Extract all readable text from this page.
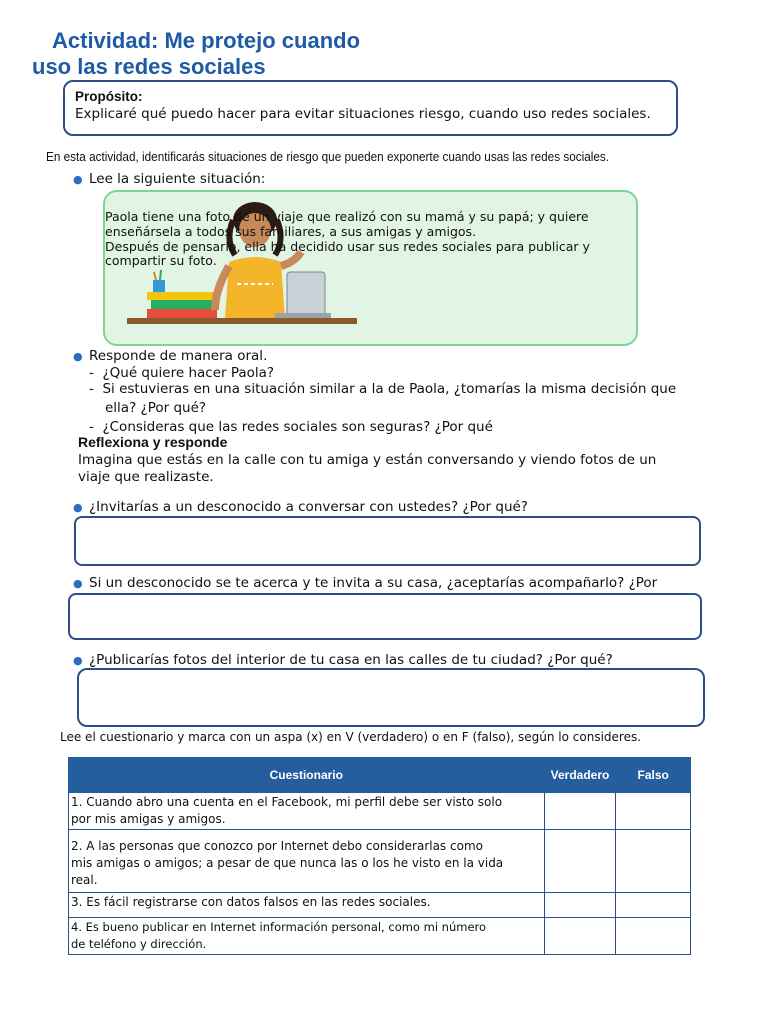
Actividad: Me protejo cuando
uso las redes sociales
Propósito:
Explicaré qué puedo hacer para evitar situaciones riesgo, cuando uso redes sociales.
En esta actividad, identificarás situaciones de riesgo que pueden exponerte cuando usas las redes sociales.
● Lee la siguiente situación:
Paola tiene una foto de un viaje que realizó con su mamá y su papá; y quiere
enseñársela a todos sus familiares, a sus amigas y amigos.
Después de pensarlo, ella ha decidido usar sus redes sociales para publicar y
compartir su foto.
● Responde de manera oral.
-  ¿Qué quiere hacer Paola?
-  Si estuvieras en una situación similar a la de Paola, ¿tomarías la misma decisión que
ella? ¿Por qué?
-  ¿Consideras que las redes sociales son seguras? ¿Por qué
Reflexiona y responde
Imagina que estás en la calle con tu amiga y están conversando y viendo fotos de un
viaje que realizaste.
● ¿Invitarías a un desconocido a conversar con ustedes? ¿Por qué?
● Si un desconocido se te acerca y te invita a su casa, ¿aceptarías acompañarlo? ¿Por
● ¿Publicarías fotos del interior de tu casa en las calles de tu ciudad? ¿Por qué?
Lee el cuestionario y marca con un aspa (x) en V (verdadero) o en F (falso), según lo consideres.
Cuestionario	Verdadero	Falso

1. Cuando abro una cuenta en el Facebook, mi perfil debe ser visto solo
por mis amigas y amigos.		

2. A las personas que conozco por Internet debo considerarlas como
mis amigas o amigos; a pesar de que nunca las o los he visto en la vida
real.		

3. Es fácil registrarse con datos falsos en las redes sociales.		

4. Es bueno publicar en Internet información personal, como mi número
de teléfono y dirección.		
